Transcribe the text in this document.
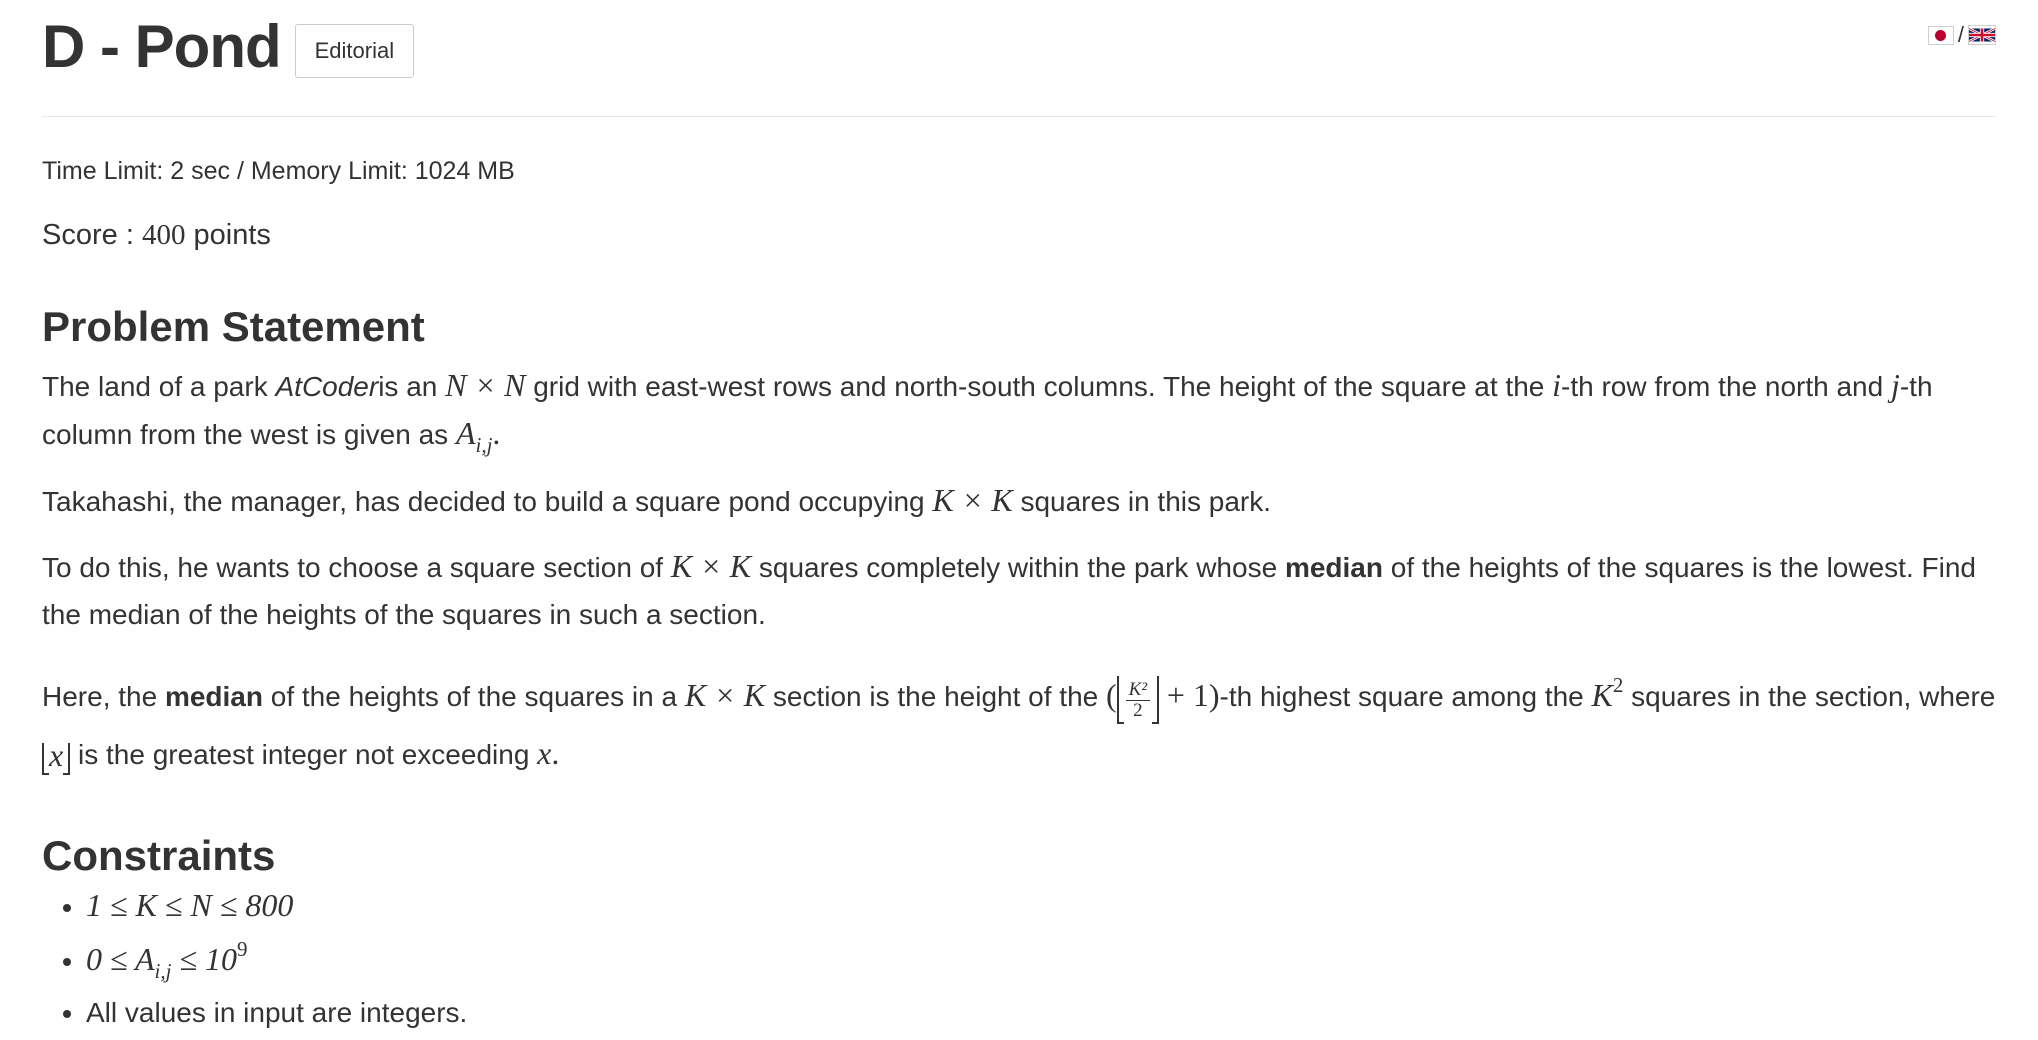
D - Pond	Editorial
/
Time Limit: 2 sec / Memory Limit: 1024 MB
Score : 400 points
Problem Statement
The land of a park AtCoderis an N × N grid with east-west rows and north-south columns. The height of the square at the i-th row from the north and j-th column from the west is given as $A_{i,j}$.
Takahashi, the manager, has decided to build a square pond occupying K × K squares in this park.
To do this, he wants to choose a square section of K × K squares completely within the park whose median of the heights of the squares is the lowest. Find the median of the heights of the squares in such a section.
Here, the median of the heights of the squares in a K × K section is the height of the ( $\frac{\text{K²}}{2} + 1)-th$ highest square among the $K^2$ squares in the section, where x is the greatest integer not exceeding x.
Constraints
• 1 ≤ K ≤ N ≤ 800
• $0 \le A_{i,j} \le 10^9$
• All values in input are integers.
